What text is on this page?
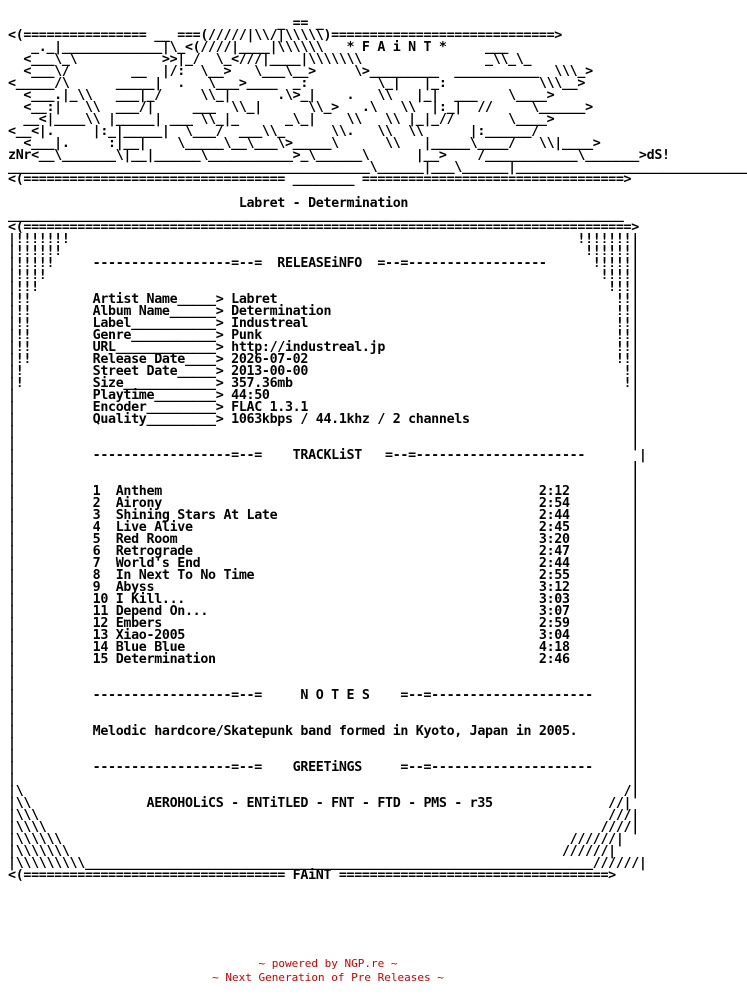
_ == _
<(================ __ ===(/////|\\/|\\\\\)=============================>
_._|_____________|\_<(////|____|\\\\\\   * F A i N T *     ___
<___\_\           >>|_/  \_<///|____|\\\\\\\                _\\_\_
<___\/        __  |/:  \__>   \___\__>     \>_________  ___________  \\\_>
<_____/\      _____|  .   \___>____  _:         \_|   |_:            \\\__>
<___.|_\\   ___|_/     \\_|      .\>_|    .   \\   |_|  ___    \____>
<__:|   \\  ___/|     ___  \\_|      \\_>   .\   \\  |:_|  //     \______>
__<|____\\ |_____| ___ \\_|_      _\_|    \\   \\ |_|_//       \____>
<__<|.     |:_|_____|  \___/  ___\\_      \\.   \\  \\      |:______/
<___|.     :|__|    \_____\__\___\>_____\      \\   |_____\____/   \\|____>
zNr<__\_______\|__|______\___________>_\______\      |__>    /____________\_______>dS!
_______________________________________________\______|___\______|______________________________
<(================================== ________ ==================================>
Labret - Determination
________________________________________________________________________________
<(===============================================================================>
|!!!!!!!                                                                  !!!!!!!|
|!!!!!!                                                                    !!!!!!|
|!!!!!     ------------------=--=  RELEASEiNFO  =--=------------------      !!!!!|
|!!!!                                                                        !!!!|
|!!!                                                                          !!!|
|!!        Artist Name_____> Labret                                            !!|
|!!        Album Name______> Determination                                     !!|
|!!        Label___________> Industreal                                        !!|
|!!        Genre___________> Punk                                              !!|
|!!        URL_____________> http://industreal.jp                              !!|
|!!        Release Date____> 2026-07-02                                        !!|
|!         Street Date_____> 2013-00-00                                         !|
|!         Size____________> 357.36mb                                           !|
|          Playtime________> 44:50                                               |
|          Encoder_________> FLAC 1.3.1                                          |
|          Quality_________> 1063kbps / 44.1khz / 2 channels                     |
|                                                                                |
|                                                                                |
|          ------------------=--=    TRACKLiST   =--=----------------------       |
|                                                                                |
|                                                                                |
|          1  Anthem                                                 2:12        |
|          2  Airony                                                 2:54        |
|          3  Shining Stars At Late                                  2:44        |
|          4  Live Alive                                             2:45        |
|          5  Red Room                                               3:20        |
|          6  Retrograde                                             2:47        |
|          7  World's End                                            2:44        |
|          8  In Next To No Time                                     2:55        |
|          9  Abyss                                                  3:12        |
|          10 I Kill...                                              3:03        |
|          11 Depend On...                                           3:07        |
|          12 Embers                                                 2:59        |
|          13 Xiao-2005                                              3:04        |
|          14 Blue Blue                                              4:18        |
|          15 Determination                                          2:46        |
|                                                                                |
|                                                                                |
|          ------------------=--=     N O T E S    =--=---------------------     |
|                                                                                |
|                                                                                |
|          Melodic hardcore/Skatepunk band formed in Kyoto, Japan in 2005.       |
|                                                                                |
|                                                                                |
|          ------------------=--=    GREETiNGS     =--=---------------------     |
|                                                                                |
|\                                                                              /|
|\\               AEROHOLiCS - ENTiTLED - FNT - FTD - PMS - r35               //|
|\\\                                                                          ///|
|\\\\                                                                        ////|
|\\\\\\                                                                  //////|
|\\\\\\\                                                                //////|
|\\\\\\\\\__________________________________________________________________//////|
<(================================== FAiNT ===================================>
~ powered by NGP.re ~
~ Next Generation of Pre Releases ~
